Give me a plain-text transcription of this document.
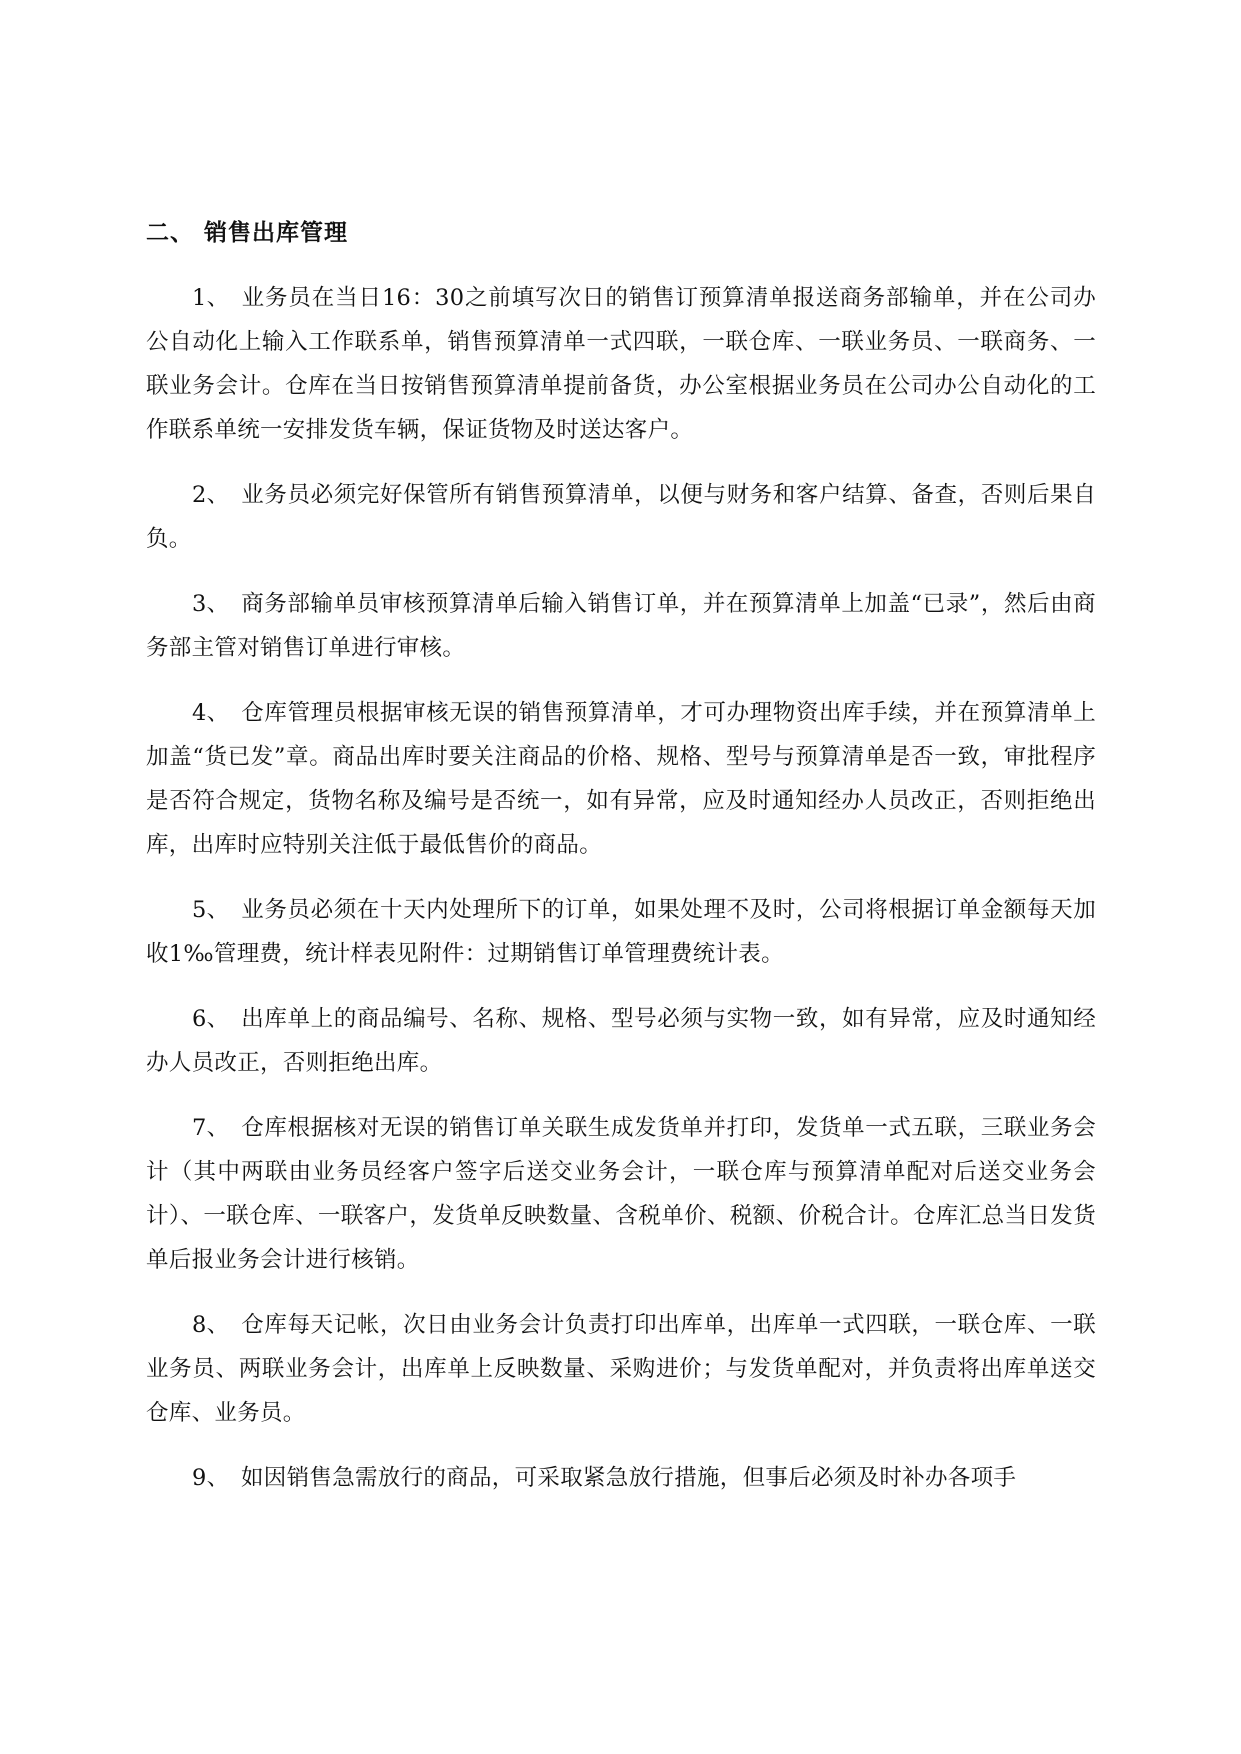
二、 销售出库管理

1、 业务员在当日16：30之前填写次日的销售订预算清单报送商务部输单，并在公司办公自动化上输入工作联系单，销售预算清单一式四联，一联仓库、一联业务员、一联商务、一联业务会计。仓库在当日按销售预算清单提前备货，办公室根据业务员在公司办公自动化的工作联系单统一安排发货车辆，保证货物及时送达客户。

2、 业务员必须完好保管所有销售预算清单，以便与财务和客户结算、备查，否则后果自负。

3、 商务部输单员审核预算清单后输入销售订单，并在预算清单上加盖“已录”，然后由商务部主管对销售订单进行审核。

4、 仓库管理员根据审核无误的销售预算清单，才可办理物资出库手续，并在预算清单上加盖“货已发”章。商品出库时要关注商品的价格、规格、型号与预算清单是否一致，审批程序是否符合规定，货物名称及编号是否统一，如有异常，应及时通知经办人员改正，否则拒绝出库，出库时应特别关注低于最低售价的商品。

5、 业务员必须在十天内处理所下的订单，如果处理不及时，公司将根据订单金额每天加收1‰管理费，统计样表见附件：过期销售订单管理费统计表。

6、 出库单上的商品编号、名称、规格、型号必须与实物一致，如有异常，应及时通知经办人员改正，否则拒绝出库。

7、 仓库根据核对无误的销售订单关联生成发货单并打印，发货单一式五联，三联业务会计（其中两联由业务员经客户签字后送交业务会计，一联仓库与预算清单配对后送交业务会计）、一联仓库、一联客户，发货单反映数量、含税单价、税额、价税合计。仓库汇总当日发货单后报业务会计进行核销。

8、 仓库每天记帐，次日由业务会计负责打印出库单，出库单一式四联，一联仓库、一联业务员、两联业务会计，出库单上反映数量、采购进价；与发货单配对，并负责将出库单送交仓库、业务员。

9、 如因销售急需放行的商品，可采取紧急放行措施，但事后必须及时补办各项手
